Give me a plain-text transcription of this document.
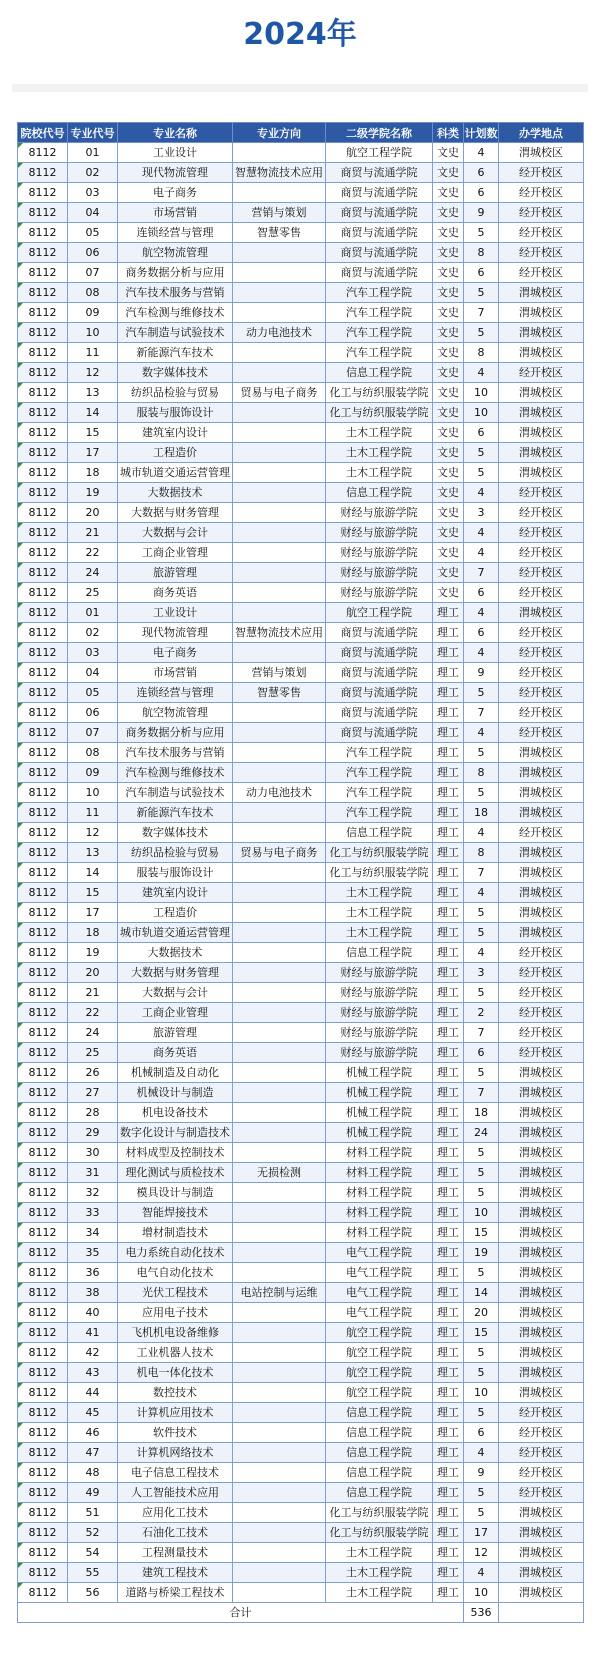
2024年
院校代号	专业代号	专业名称	专业方向	二级学院名称	科类	计划数	办学地点
8112	01	工业设计		航空工程学院	文史	4	渭城校区
8112	02	现代物流管理	智慧物流技术应用	商贸与流通学院	文史	6	经开校区
8112	03	电子商务		商贸与流通学院	文史	6	经开校区
8112	04	市场营销	营销与策划	商贸与流通学院	文史	9	经开校区
8112	05	连锁经营与管理	智慧零售	商贸与流通学院	文史	5	经开校区
8112	06	航空物流管理		商贸与流通学院	文史	8	经开校区
8112	07	商务数据分析与应用		商贸与流通学院	文史	6	经开校区
8112	08	汽车技术服务与营销		汽车工程学院	文史	5	渭城校区
8112	09	汽车检测与维修技术		汽车工程学院	文史	7	渭城校区
8112	10	汽车制造与试验技术	动力电池技术	汽车工程学院	文史	5	渭城校区
8112	11	新能源汽车技术		汽车工程学院	文史	8	渭城校区
8112	12	数字媒体技术		信息工程学院	文史	4	经开校区
8112	13	纺织品检验与贸易	贸易与电子商务	化工与纺织服装学院	文史	10	渭城校区
8112	14	服装与服饰设计		化工与纺织服装学院	文史	10	渭城校区
8112	15	建筑室内设计		土木工程学院	文史	6	渭城校区
8112	17	工程造价		土木工程学院	文史	5	渭城校区
8112	18	城市轨道交通运营管理		土木工程学院	文史	5	渭城校区
8112	19	大数据技术		信息工程学院	文史	4	经开校区
8112	20	大数据与财务管理		财经与旅游学院	文史	3	经开校区
8112	21	大数据与会计		财经与旅游学院	文史	4	经开校区
8112	22	工商企业管理		财经与旅游学院	文史	4	经开校区
8112	24	旅游管理		财经与旅游学院	文史	7	经开校区
8112	25	商务英语		财经与旅游学院	文史	6	经开校区
8112	01	工业设计		航空工程学院	理工	4	渭城校区
8112	02	现代物流管理	智慧物流技术应用	商贸与流通学院	理工	6	经开校区
8112	03	电子商务		商贸与流通学院	理工	4	经开校区
8112	04	市场营销	营销与策划	商贸与流通学院	理工	9	经开校区
8112	05	连锁经营与管理	智慧零售	商贸与流通学院	理工	5	经开校区
8112	06	航空物流管理		商贸与流通学院	理工	7	经开校区
8112	07	商务数据分析与应用		商贸与流通学院	理工	4	经开校区
8112	08	汽车技术服务与营销		汽车工程学院	理工	5	渭城校区
8112	09	汽车检测与维修技术		汽车工程学院	理工	8	渭城校区
8112	10	汽车制造与试验技术	动力电池技术	汽车工程学院	理工	5	渭城校区
8112	11	新能源汽车技术		汽车工程学院	理工	18	渭城校区
8112	12	数字媒体技术		信息工程学院	理工	4	经开校区
8112	13	纺织品检验与贸易	贸易与电子商务	化工与纺织服装学院	理工	8	渭城校区
8112	14	服装与服饰设计		化工与纺织服装学院	理工	7	渭城校区
8112	15	建筑室内设计		土木工程学院	理工	4	渭城校区
8112	17	工程造价		土木工程学院	理工	5	渭城校区
8112	18	城市轨道交通运营管理		土木工程学院	理工	5	渭城校区
8112	19	大数据技术		信息工程学院	理工	4	经开校区
8112	20	大数据与财务管理		财经与旅游学院	理工	3	经开校区
8112	21	大数据与会计		财经与旅游学院	理工	5	经开校区
8112	22	工商企业管理		财经与旅游学院	理工	2	经开校区
8112	24	旅游管理		财经与旅游学院	理工	7	经开校区
8112	25	商务英语		财经与旅游学院	理工	6	经开校区
8112	26	机械制造及自动化		机械工程学院	理工	5	渭城校区
8112	27	机械设计与制造		机械工程学院	理工	7	渭城校区
8112	28	机电设备技术		机械工程学院	理工	18	渭城校区
8112	29	数字化设计与制造技术		机械工程学院	理工	24	渭城校区
8112	30	材料成型及控制技术		材料工程学院	理工	5	渭城校区
8112	31	理化测试与质检技术	无损检测	材料工程学院	理工	5	渭城校区
8112	32	模具设计与制造		材料工程学院	理工	5	渭城校区
8112	33	智能焊接技术		材料工程学院	理工	10	渭城校区
8112	34	增材制造技术		材料工程学院	理工	15	渭城校区
8112	35	电力系统自动化技术		电气工程学院	理工	19	渭城校区
8112	36	电气自动化技术		电气工程学院	理工	5	渭城校区
8112	38	光伏工程技术	电站控制与运维	电气工程学院	理工	14	渭城校区
8112	40	应用电子技术		电气工程学院	理工	20	渭城校区
8112	41	飞机机电设备维修		航空工程学院	理工	15	渭城校区
8112	42	工业机器人技术		航空工程学院	理工	5	渭城校区
8112	43	机电一体化技术		航空工程学院	理工	5	渭城校区
8112	44	数控技术		航空工程学院	理工	10	渭城校区
8112	45	计算机应用技术		信息工程学院	理工	5	经开校区
8112	46	软件技术		信息工程学院	理工	6	经开校区
8112	47	计算机网络技术		信息工程学院	理工	4	经开校区
8112	48	电子信息工程技术		信息工程学院	理工	9	经开校区
8112	49	人工智能技术应用		信息工程学院	理工	5	经开校区
8112	51	应用化工技术		化工与纺织服装学院	理工	5	渭城校区
8112	52	石油化工技术		化工与纺织服装学院	理工	17	渭城校区
8112	54	工程测量技术		土木工程学院	理工	12	渭城校区
8112	55	建筑工程技术		土木工程学院	理工	4	渭城校区
8112	56	道路与桥梁工程技术		土木工程学院	理工	10	渭城校区
合计						536	
